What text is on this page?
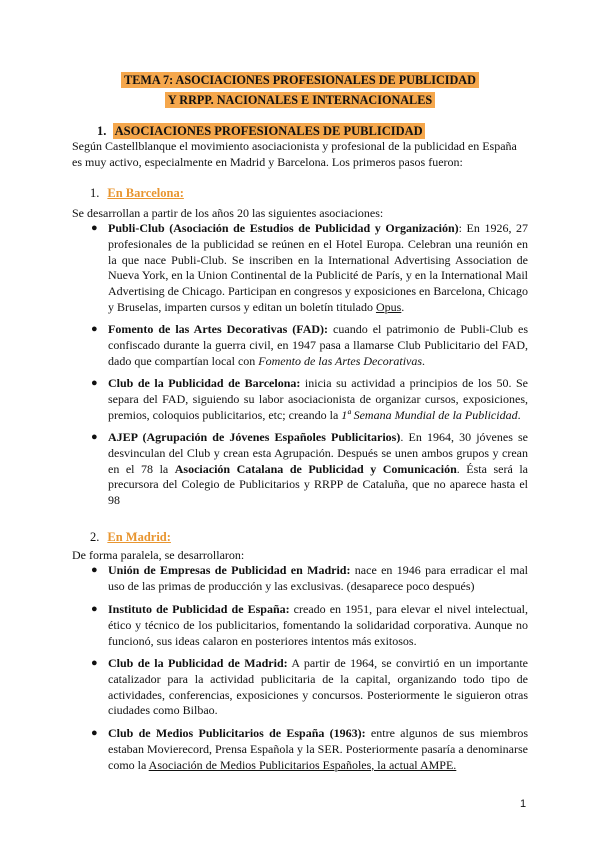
TEMA 7: ASOCIACIONES PROFESIONALES DE PUBLICIDAD
Y RRPP. NACIONALES E INTERNACIONALES
1. ASOCIACIONES PROFESIONALES DE PUBLICIDAD

Según Castellblanque el movimiento asociacionista y profesional de la publicidad en España es muy activo, especialmente en Madrid y Barcelona. Los primeros pasos fueron:

1. En Barcelona:

Se desarrollan a partir de los años 20 las siguientes asociaciones:

● Publi-Club (Asociación de Estudios de Publicidad y Organización): En 1926, 27 profesionales de la publicidad se reúnen en el Hotel Europa. Celebran una reunión en la que nace Publi-Club. Se inscriben en la International Advertising Association de Nueva York, en la Union Continental de la Publicité de París, y en la International Mail Advertising de Chicago. Participan en congresos y exposiciones en Barcelona, Chicago y Bruselas, imparten cursos y editan un boletín titulado Opus.
● Fomento de las Artes Decorativas (FAD): cuando el patrimonio de Publi-Club es confiscado durante la guerra civil, en 1947 pasa a llamarse Club Publicitario del FAD, dado que compartían local con Fomento de las Artes Decorativas.
● Club de la Publicidad de Barcelona: inicia su actividad a principios de los 50. Se separa del FAD, siguiendo su labor asociacionista de organizar cursos, exposiciones, premios, coloquios publicitarios, etc; creando la 1ª Semana Mundial de la Publicidad.
● AJEP (Agrupación de Jóvenes Españoles Publicitarios). En 1964, 30 jóvenes se desvinculan del Club y crean esta Agrupación. Después se unen ambos grupos y crean en el 78 la Asociación Catalana de Publicidad y Comunicación. Ésta será la precursora del Colegio de Publicitarios y RRPP de Cataluña, que no aparece hasta el 98
2. En Madrid:

De forma paralela, se desarrollaron:

● Unión de Empresas de Publicidad en Madrid: nace en 1946 para erradicar el mal uso de las primas de producción y las exclusivas. (desaparece poco después)
● Instituto de Publicidad de España: creado en 1951, para elevar el nivel intelectual, ético y técnico de los publicitarios, fomentando la solidaridad corporativa. Aunque no funcionó, sus ideas calaron en posteriores intentos más exitosos.
● Club de la Publicidad de Madrid: A partir de 1964, se convirtió en un importante catalizador para la actividad publicitaria de la capital, organizando todo tipo de actividades, conferencias, exposiciones y concursos. Posteriormente le siguieron otras ciudades como Bilbao.
● Club de Medios Publicitarios de España (1963): entre algunos de sus miembros estaban Movierecord, Prensa Española y la SER. Posteriormente pasaría a denominarse como la Asociación de Medios Publicitarios Españoles, la actual AMPE.
1
